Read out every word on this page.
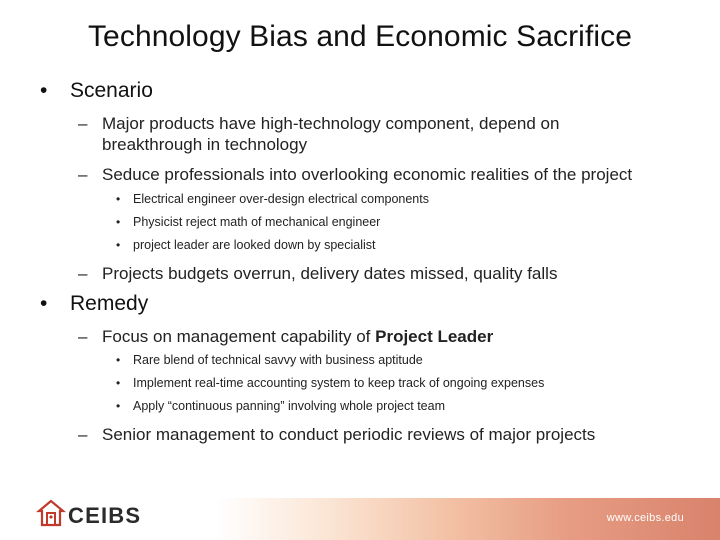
Technology Bias and Economic Sacrifice
• Scenario
– Major products have high-technology component, depend on breakthrough in technology
– Seduce professionals into overlooking economic realities of the project
• Electrical engineer over-design electrical components
• Physicist reject math of mechanical engineer
• project leader are looked down by specialist
– Projects budgets overrun, delivery dates missed, quality falls
• Remedy
– Focus on management capability of Project Leader
• Rare blend of technical savvy with business aptitude
• Implement real-time accounting system to keep track of ongoing expenses
• Apply “continuous panning” involving whole project team
– Senior management to conduct periodic reviews of major projects
CEIBS	www.ceibs.edu
